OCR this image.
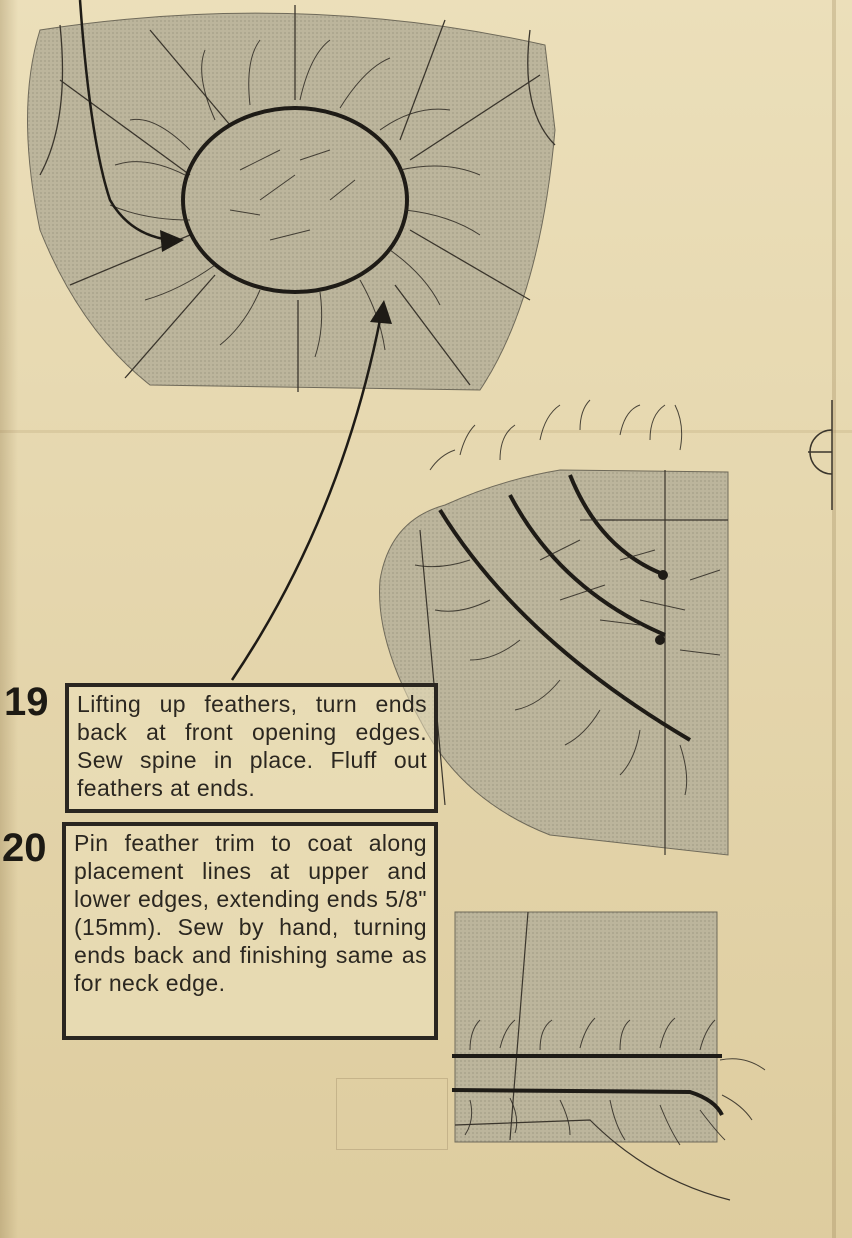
19	Lifting up feathers, turn ends back at front opening edges. Sew spine in place. Fluff out feathers at ends.
20	Pin feather trim to coat along placement lines at upper and lower edges, extending ends 5/8" (15mm). Sew by hand, turning ends back and finishing same as for neck edge.
